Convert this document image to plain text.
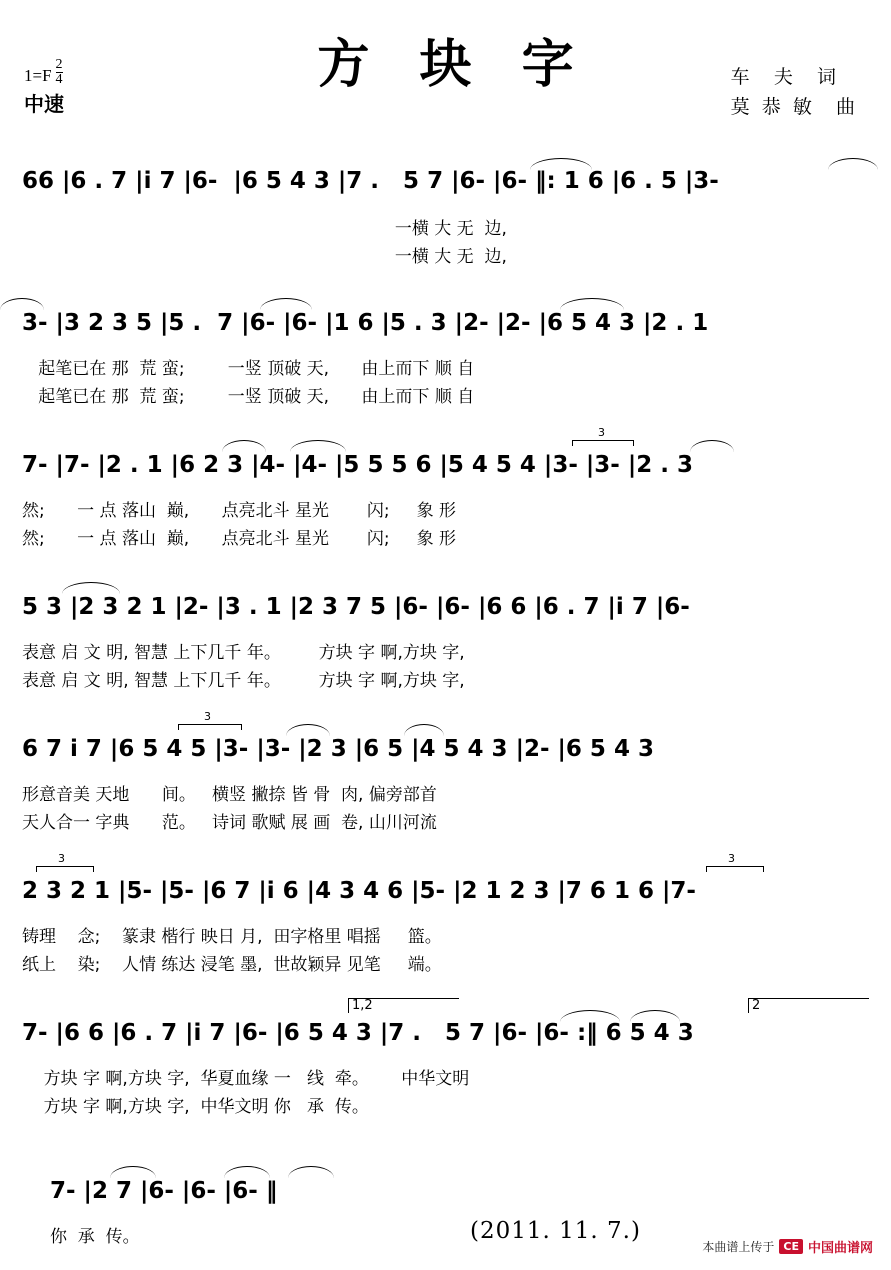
方 块 字
$1=F \frac{2}{4}$
中速
车    夫    词
莫  恭  敏    曲
66 |6 . 7 |i 7 |6-  |6 5 4 3 |7 .   5 7 |6- |6- ‖: 1 6 |6 . 5 |3-
一横 大 无  边,
一横 大 无  边,
3- |3 2 3 5 |5 .  7 |6- |6- |1 6 |5 . 3 |2- |2- |6 5 4 3 |2 . 1
起笔已在 那  荒 蛮;        一竖 顶破 天,      由上而下 顺 自
起笔已在 那  荒 蛮;        一竖 顶破 天,      由上而下 顺 自
7- |7- |2 . 1 |6 2 3 |4- |4- |5 5 5 6 |5 4 5 4 |3- |3- |2 . 3
然;      一 点 落山  巅,      点亮北斗 星光       闪;     象 形
然;      一 点 落山  巅,      点亮北斗 星光       闪;     象 形
3
5 3 |2 3 2 1 |2- |3 . 1 |2 3 7 5 |6- |6- |6 6 |6 . 7 |i 7 |6-
表意 启 文 明, 智慧 上下几千 年。       方块 字 啊,方块 字,
表意 启 文 明, 智慧 上下几千 年。       方块 字 啊,方块 字,
6 7 i 7 |6 5 4 5 |3- |3- |2 3 |6 5 |4 5 4 3 |2- |6 5 4 3
形意音美 天地      间。   横竖 撇捺 皆 骨  肉, 偏旁部首
天人合一 字典      范。   诗词 歌赋 展 画  卷, 山川河流
3
2 3 2 1 |5- |5- |6 7 |i 6 |4 3 4 6 |5- |2 1 2 3 |7 6 1 6 |7-
铸理    念;    篆隶 楷行 映日 月,  田字格里 唱摇     篮。
纸上    染;    人情 练达 浸笔 墨,  世故颖异 见笔     端。
3	3
7- |6 6 |6 . 7 |i 7 |6- |6 5 4 3 |7 .   5 7 |6- |6- :‖ 6 5 4 3
方块 字 啊,方块 字,  华夏血缘 一   线  牵。      中华文明
方块 字 啊,方块 字,  中华文明 你   承  传。
1,2	2
7- |2 7 |6- |6- |6- ‖
你  承  传。	(2011. 11. 7.)
本曲谱上传于 CE 中国曲谱网
